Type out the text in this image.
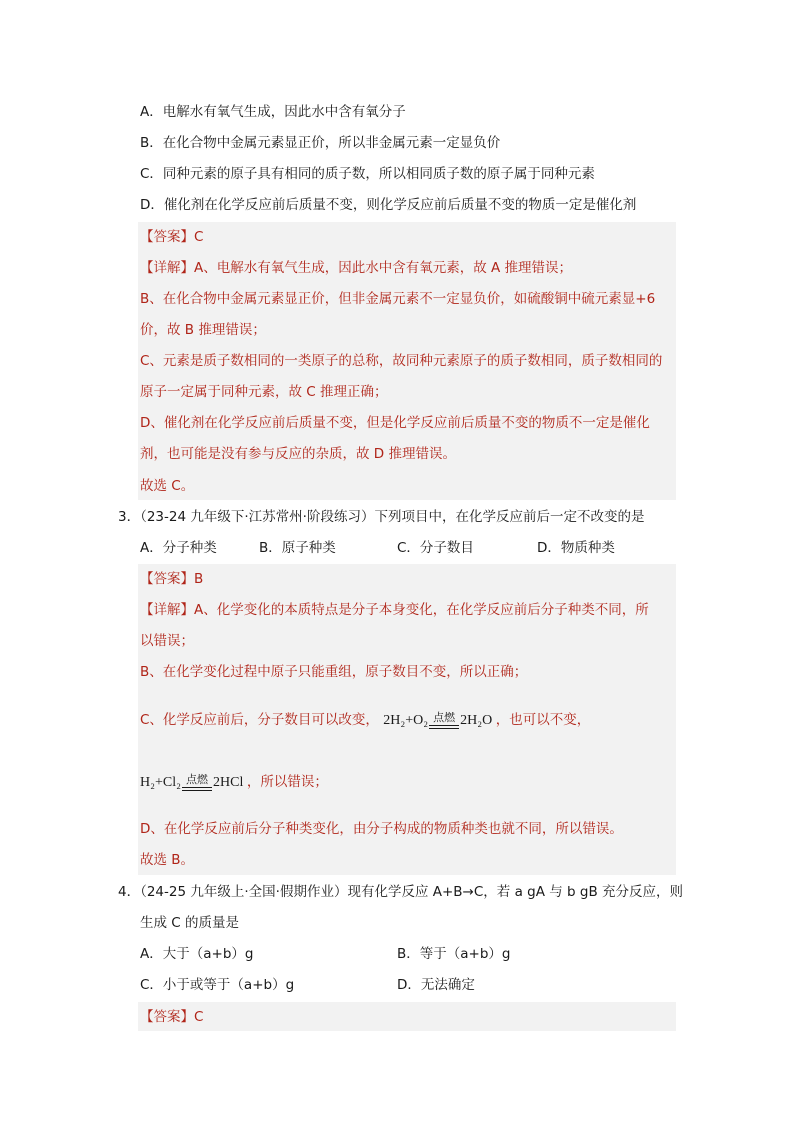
A．电解水有氧气生成，因此水中含有氧分子
B．在化合物中金属元素显正价，所以非金属元素一定显负价
C．同种元素的原子具有相同的质子数，所以相同质子数的原子属于同种元素
D．催化剂在化学反应前后质量不变，则化学反应前后质量不变的物质一定是催化剂
【答案】C
【详解】A、电解水有氧气生成，因此水中含有氧元素，故 A 推理错误；
B、在化合物中金属元素显正价，但非金属元素不一定显负价，如硫酸铜中硫元素显+6
价，故 B 推理错误；
C、元素是质子数相同的一类原子的总称，故同种元素原子的质子数相同，质子数相同的
原子一定属于同种元素，故 C 推理正确；
D、催化剂在化学反应前后质量不变，但是化学反应前后质量不变的物质不一定是催化
剂，也可能是没有参与反应的杂质，故 D 推理错误。
故选 C。
3．（23-24 九年级下·江苏常州·阶段练习）下列项目中，在化学反应前后一定不改变的是
A．分子种类	B．原子种类	C．分子数目	D．物质种类
【答案】B
【详解】A、化学变化的本质特点是分子本身变化，在化学反应前后分子种类不同，所
以错误；
B、在化学变化过程中原子只能重组，原子数目不变，所以正确；
C、化学反应前后，分子数目可以改变， 2H₂+O₂ 点燃 2H₂O ，也可以不变，
H₂+Cl₂ 点燃 2HCl ，所以错误；
D、在化学反应前后分子种类变化，由分子构成的物质种类也就不同，所以错误。
故选 B。
4．（24-25 九年级上·全国·假期作业）现有化学反应 A+B→C，若 a gA 与 b gB 充分反应，则
生成 C 的质量是
A．大于（a+b）g	B．等于（a+b）g
C．小于或等于（a+b）g	D．无法确定
【答案】C
